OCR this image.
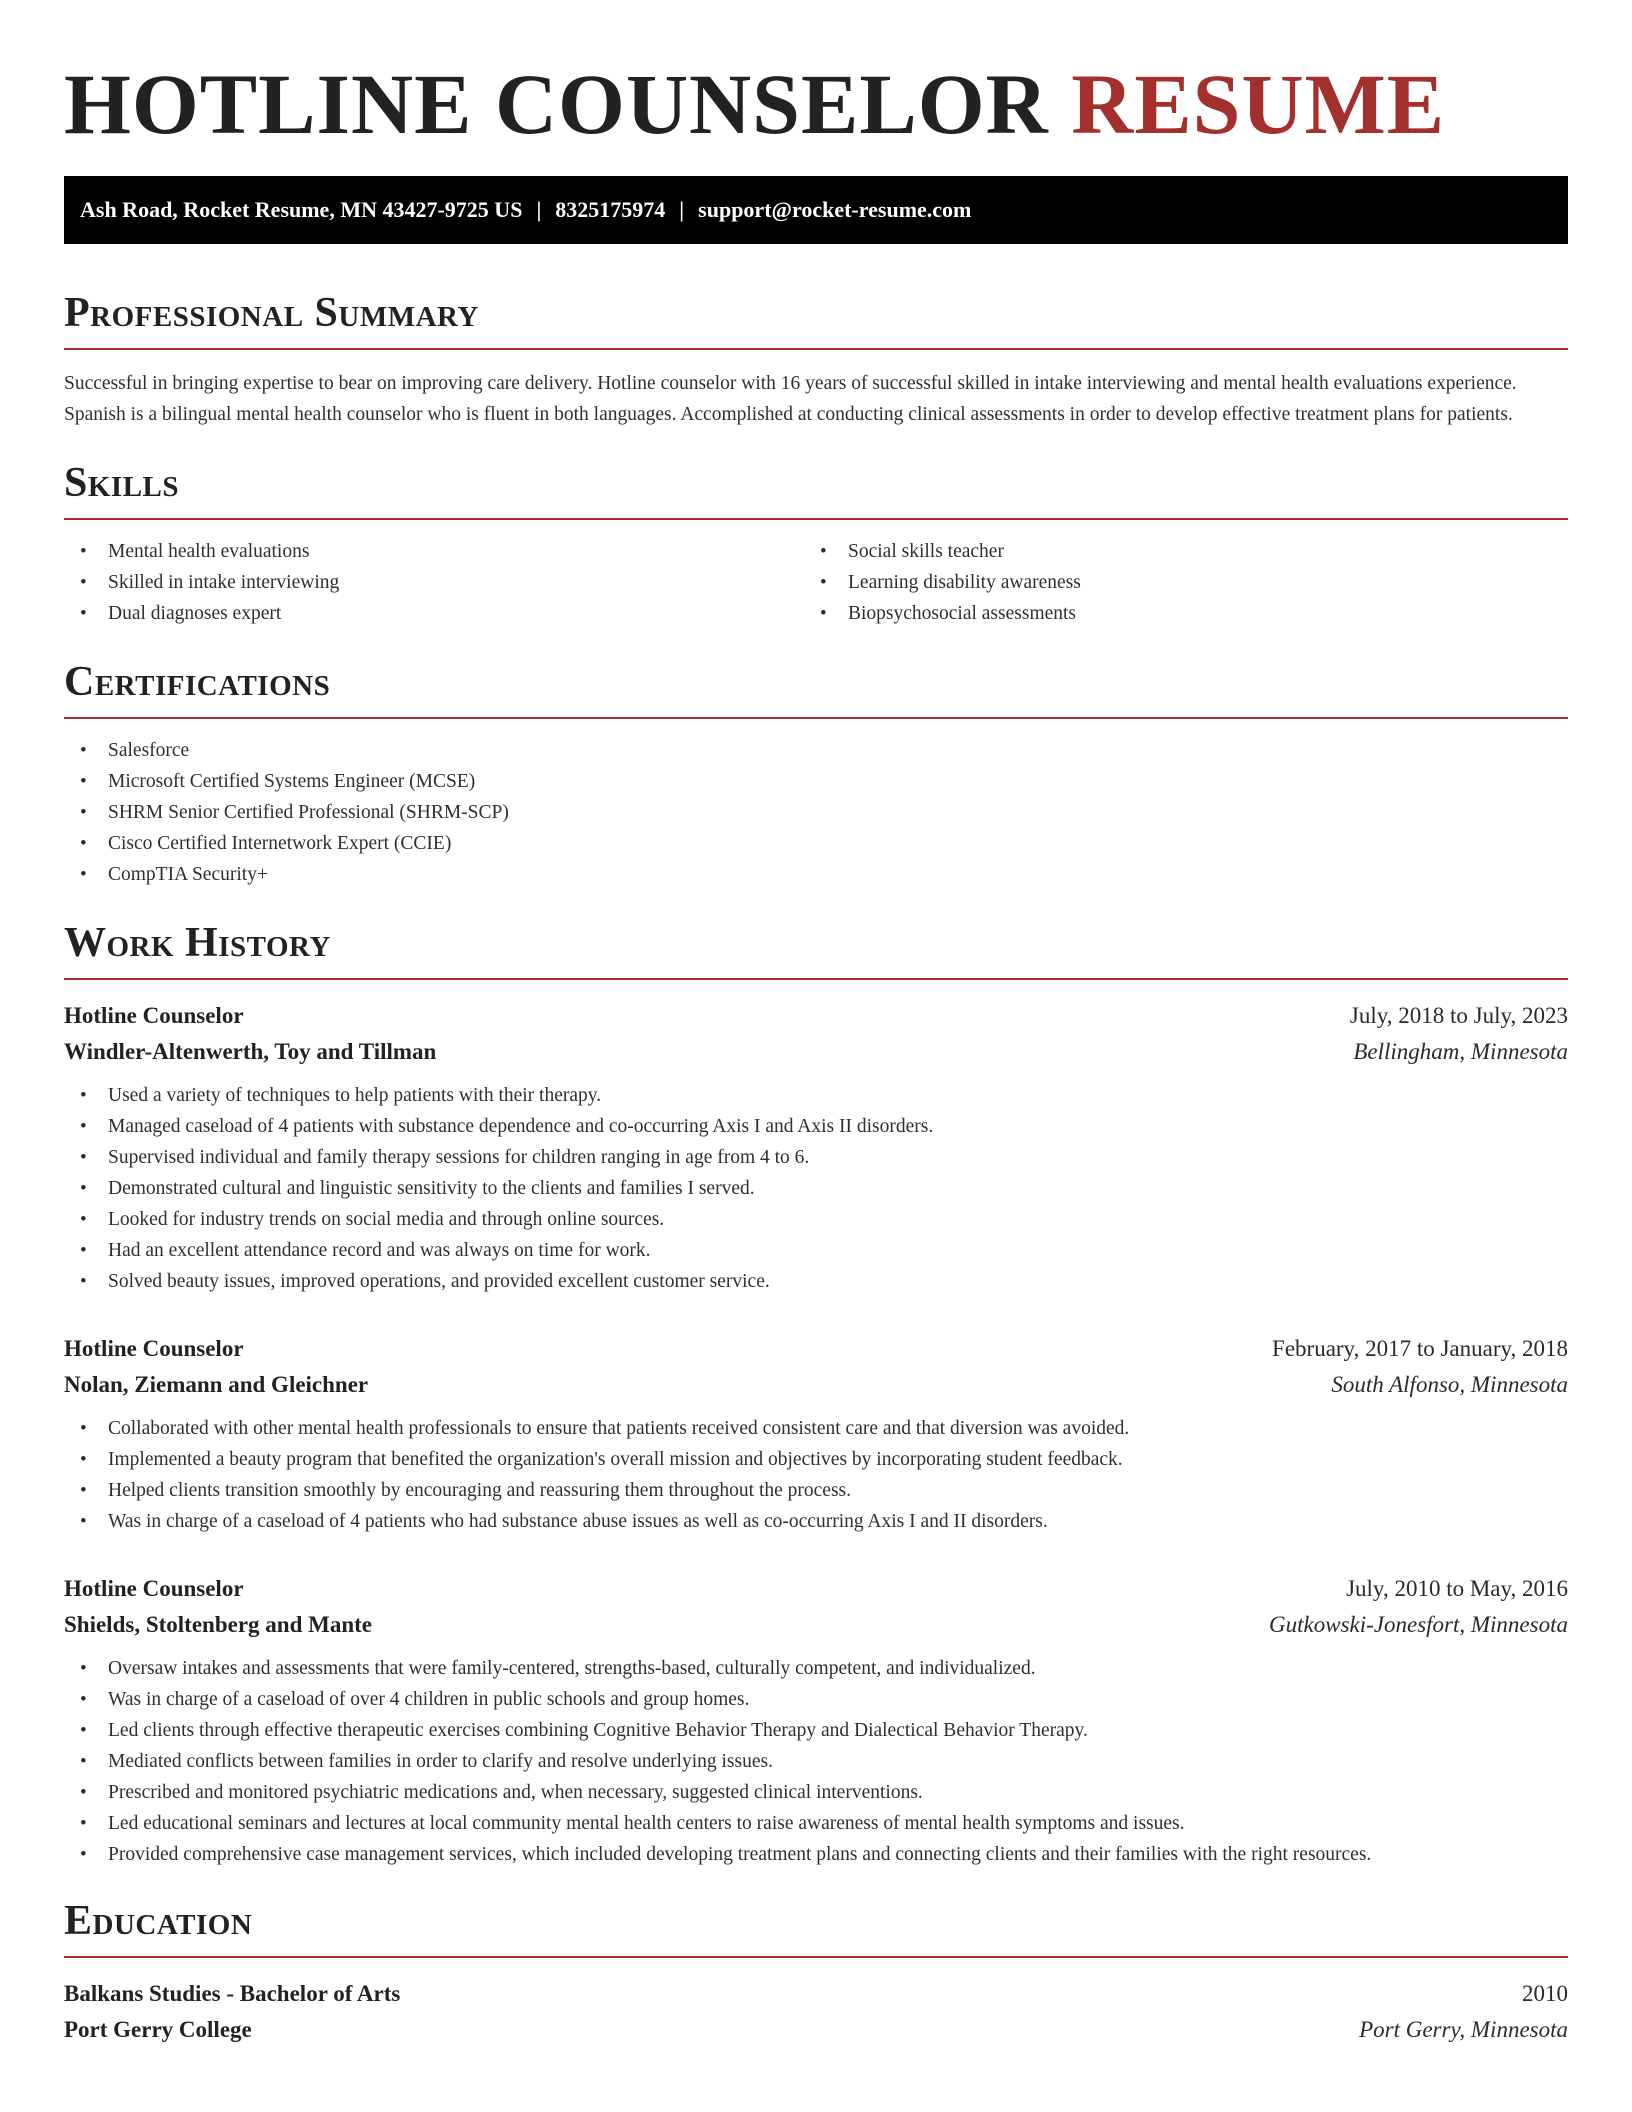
HOTLINE COUNSELOR RESUME
Ash Road, Rocket Resume, MN 43427-9725 US | 8325175974 | support@rocket-resume.com
Professional Summary

Successful in bringing expertise to bear on improving care delivery. Hotline counselor with 16 years of successful skilled in intake interviewing and mental health evaluations experience. Spanish is a bilingual mental health counselor who is fluent in both languages. Accomplished at conducting clinical assessments in order to develop effective treatment plans for patients.

Skills
• Mental health evaluations
• Skilled in intake interviewing
• Dual diagnoses expert
• Social skills teacher
• Learning disability awareness
• Biopsychosocial assessments
Certifications
• Salesforce
• Microsoft Certified Systems Engineer (MCSE)
• SHRM Senior Certified Professional (SHRM-SCP)
• Cisco Certified Internetwork Expert (CCIE)
• CompTIA Security+
Work History
Hotline Counselor	July, 2018 to July, 2023
Windler-Altenwerth, Toy and Tillman	Bellingham, Minnesota
• Used a variety of techniques to help patients with their therapy.
• Managed caseload of 4 patients with substance dependence and co-occurring Axis I and Axis II disorders.
• Supervised individual and family therapy sessions for children ranging in age from 4 to 6.
• Demonstrated cultural and linguistic sensitivity to the clients and families I served.
• Looked for industry trends on social media and through online sources.
• Had an excellent attendance record and was always on time for work.
• Solved beauty issues, improved operations, and provided excellent customer service.
Hotline Counselor	February, 2017 to January, 2018
Nolan, Ziemann and Gleichner	South Alfonso, Minnesota
• Collaborated with other mental health professionals to ensure that patients received consistent care and that diversion was avoided.
• Implemented a beauty program that benefited the organization's overall mission and objectives by incorporating student feedback.
• Helped clients transition smoothly by encouraging and reassuring them throughout the process.
• Was in charge of a caseload of 4 patients who had substance abuse issues as well as co-occurring Axis I and II disorders.
Hotline Counselor	July, 2010 to May, 2016
Shields, Stoltenberg and Mante	Gutkowski-Jonesfort, Minnesota
• Oversaw intakes and assessments that were family-centered, strengths-based, culturally competent, and individualized.
• Was in charge of a caseload of over 4 children in public schools and group homes.
• Led clients through effective therapeutic exercises combining Cognitive Behavior Therapy and Dialectical Behavior Therapy.
• Mediated conflicts between families in order to clarify and resolve underlying issues.
• Prescribed and monitored psychiatric medications and, when necessary, suggested clinical interventions.
• Led educational seminars and lectures at local community mental health centers to raise awareness of mental health symptoms and issues.
• Provided comprehensive case management services, which included developing treatment plans and connecting clients and their families with the right resources.
Education
Balkans Studies - Bachelor of Arts	2010
Port Gerry College	Port Gerry, Minnesota
